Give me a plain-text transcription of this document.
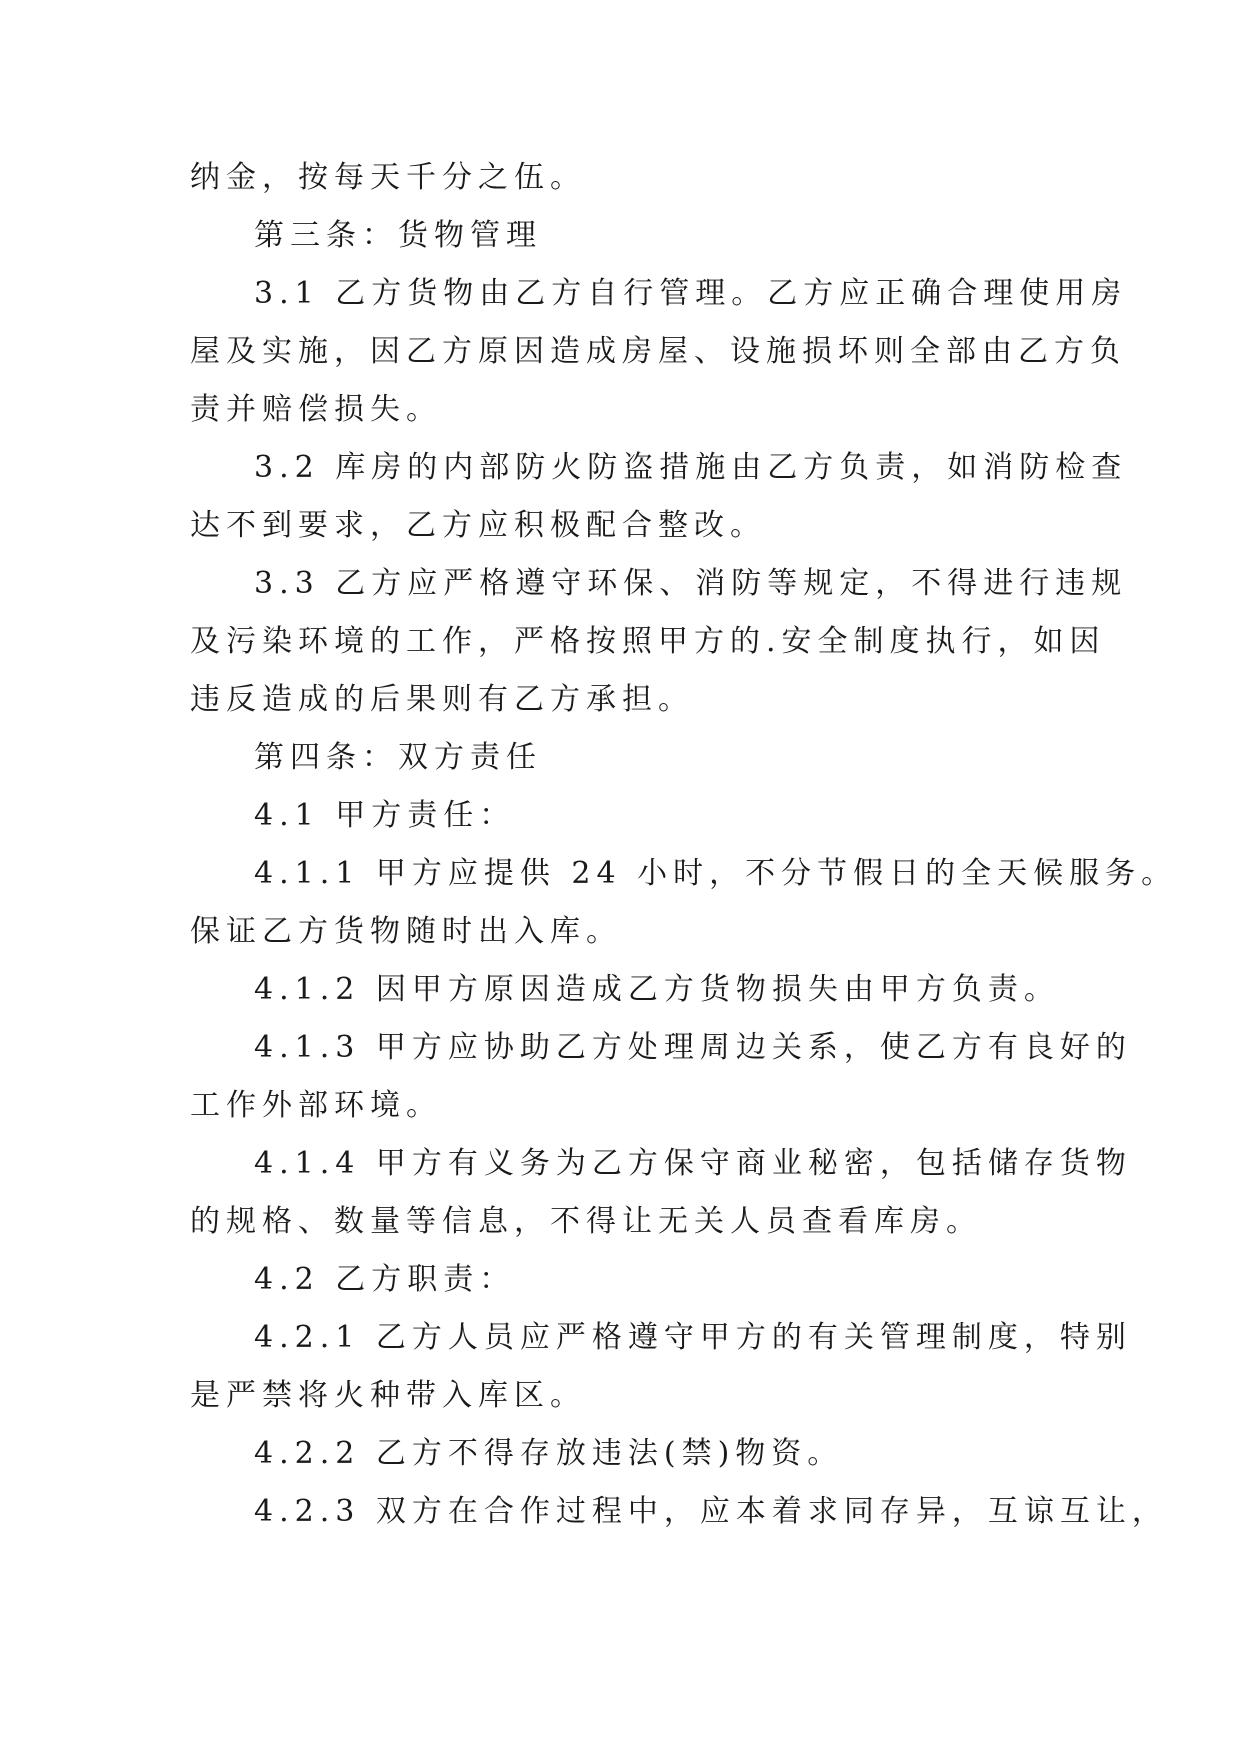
纳金，按每天千分之伍。
第三条：货物管理
3.1 乙方货物由乙方自行管理。乙方应正确合理使用房
屋及实施，因乙方原因造成房屋、设施损坏则全部由乙方负
责并赔偿损失。
3.2 库房的内部防火防盗措施由乙方负责，如消防检查
达不到要求，乙方应积极配合整改。
3.3 乙方应严格遵守环保、消防等规定，不得进行违规
及污染环境的工作，严格按照甲方的.安全制度执行，如因
违反造成的后果则有乙方承担。
第四条：双方责任
4.1 甲方责任：
4.1.1 甲方应提供 24 小时，不分节假日的全天候服务。
保证乙方货物随时出入库。
4.1.2 因甲方原因造成乙方货物损失由甲方负责。
4.1.3 甲方应协助乙方处理周边关系，使乙方有良好的
工作外部环境。
4.1.4 甲方有义务为乙方保守商业秘密，包括储存货物
的规格、数量等信息，不得让无关人员查看库房。
4.2 乙方职责：
4.2.1 乙方人员应严格遵守甲方的有关管理制度，特别
是严禁将火种带入库区。
4.2.2 乙方不得存放违法(禁)物资。
4.2.3 双方在合作过程中，应本着求同存异，互谅互让，
